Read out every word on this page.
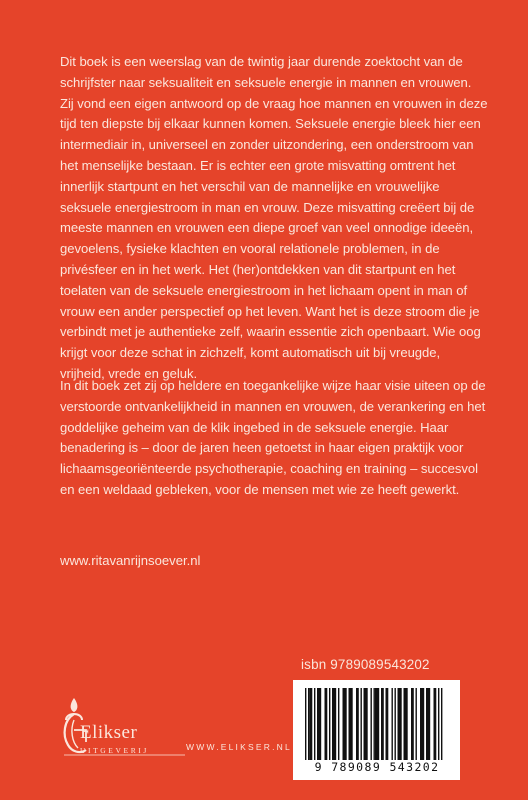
Dit boek is een weerslag van de twintig jaar durende zoektocht van de schrijfster naar seksualiteit en seksuele energie in mannen en vrouwen. Zij vond een eigen antwoord op de vraag hoe mannen en vrouwen in deze tijd ten diepste bij elkaar kunnen komen. Seksuele energie bleek hier een intermediair in, universeel en zonder uitzondering, een onderstroom van het menselijke bestaan. Er is echter een grote misvatting omtrent het innerlijk startpunt en het verschil van de mannelijke en vrouwelijke seksuele energiestroom in man en vrouw. Deze misvatting creëert bij de meeste mannen en vrouwen een diepe groef van veel onnodige ideeën, gevoelens, fysieke klachten en vooral relationele problemen, in de privésfeer en in het werk. Het (her)ontdekken van dit startpunt en het toelaten van de seksuele energiestroom in het lichaam opent in man of vrouw een ander perspectief op het leven. Want het is deze stroom die je verbindt met je authentieke zelf, waarin essentie zich openbaart. Wie oog krijgt voor deze schat in zichzelf, komt automatisch uit bij vreugde, vrijheid, vrede en geluk.

In dit boek zet zij op heldere en toegankelijke wijze haar visie uiteen op de verstoorde ontvankelijkheid in mannen en vrouwen, de verankering en het goddelijke geheim van de klik ingebed in de seksuele energie. Haar benadering is – door de jaren heen getoetst in haar eigen praktijk voor lichaamsgeoriënteerde psychotherapie, coaching en training – succesvol en een weldaad gebleken, voor de mensen met wie ze heeft gewerkt.

www.ritavanrijnsoever.nl
isbn 9789089543202
9 789089 543202
Elikser
UITGEVERIJ	WWW.ELIKSER.NL
